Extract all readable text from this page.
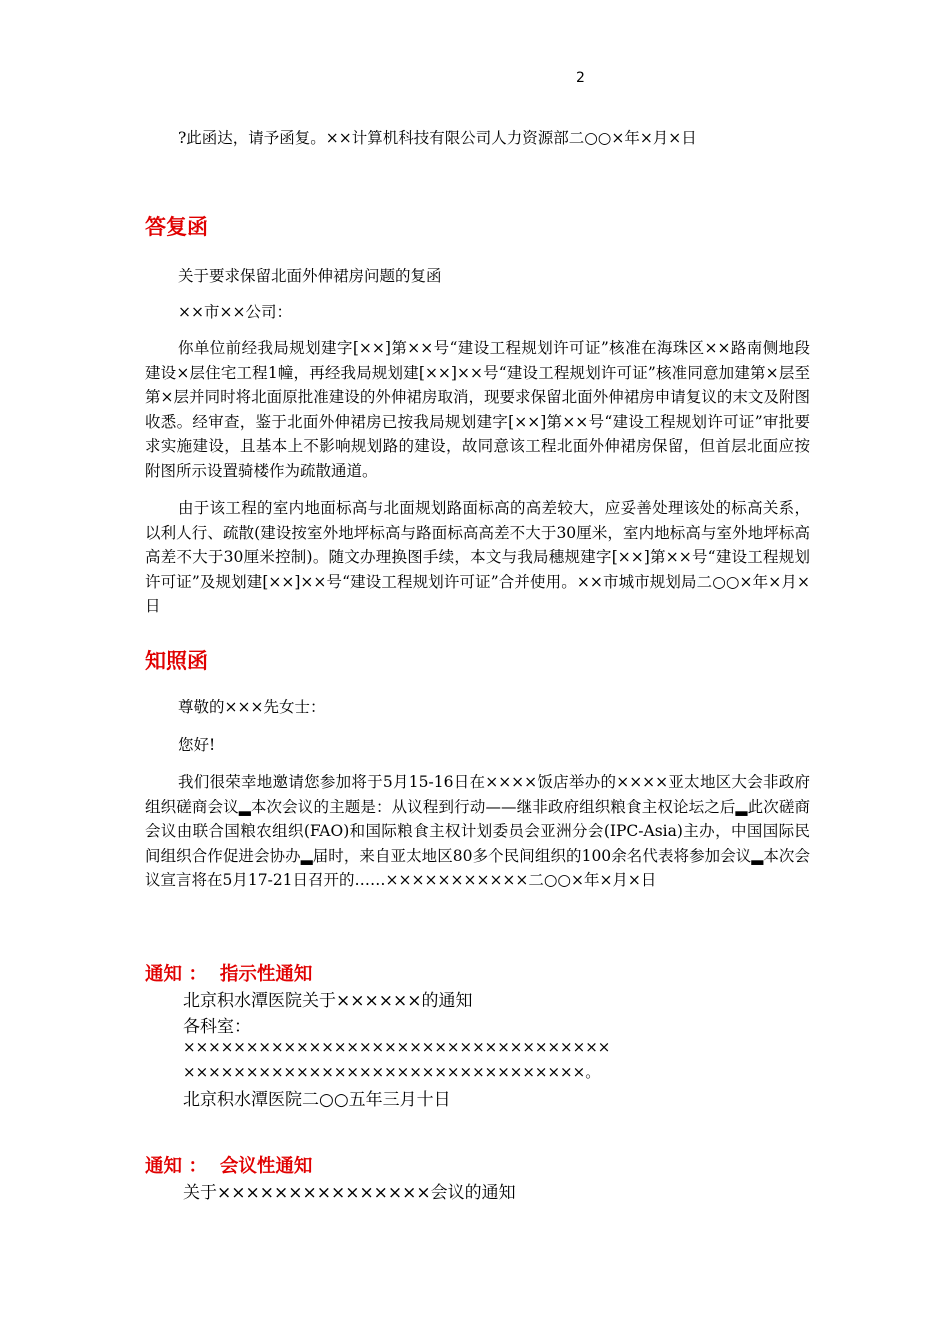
2
?此函达，请予函复。××计算机科技有限公司人力资源部二○○×年×月×日
答复函
关于要求保留北面外伸裙房问题的复函
××市××公司：
你单位前经我局规划建字[××]第××号“建设工程规划许可证”核准在海珠区××路南侧地段建设×层住宅工程1幢，再经我局规划建[××]××号“建设工程规划许可证”核准同意加建第×层至第×层并同时将北面原批准建设的外伸裙房取消，现要求保留北面外伸裙房申请复议的末文及附图收悉。经审查，鉴于北面外伸裙房已按我局规划建字[××]第××号“建设工程规划许可证”审批要求实施建设，且基本上不影响规划路的建设，故同意该工程北面外伸裙房保留，但首层北面应按附图所示设置骑楼作为疏散通道。
由于该工程的室内地面标高与北面规划路面标高的高差较大，应妥善处理该处的标高关系，以利人行、疏散(建设按室外地坪标高与路面标高高差不大于30厘米，室内地标高与室外地坪标高高差不大于30厘米控制)。随文办理换图手续，本文与我局穗规建字[××]第××号“建设工程规划许可证”及规划建[××]××号“建设工程规划许可证”合并使用。××市城市规划局二○○×年×月×日
知照函
尊敬的×××先女士：
您好!
我们很荣幸地邀请您参加将于5月15-16日在××××饭店举办的××××亚太地区大会非政府组织磋商会议▂本次会议的主题是：从议程到行动——继非政府组织粮食主权论坛之后▂此次磋商会议由联合国粮农组织(FAO)和国际粮食主权计划委员会亚洲分会(IPC-Asia)主办，中国国际民间组织合作促进会协办▂届时，来自亚太地区80多个民间组织的100余名代表将参加会议▂本次会议宣言将在5月17-21日召开的……×××××××××××二○○×年×月×日
通知 ：  指示性通知
北京积水潭医院关于××××××的通知
各科室：
××××××××××××××××××××××××××××××××××
××××××××××××××××××××××××××××××××。
北京积水潭医院二○○五年三月十日
通知 ：  会议性通知
关于×××××××××××××××会议的通知
